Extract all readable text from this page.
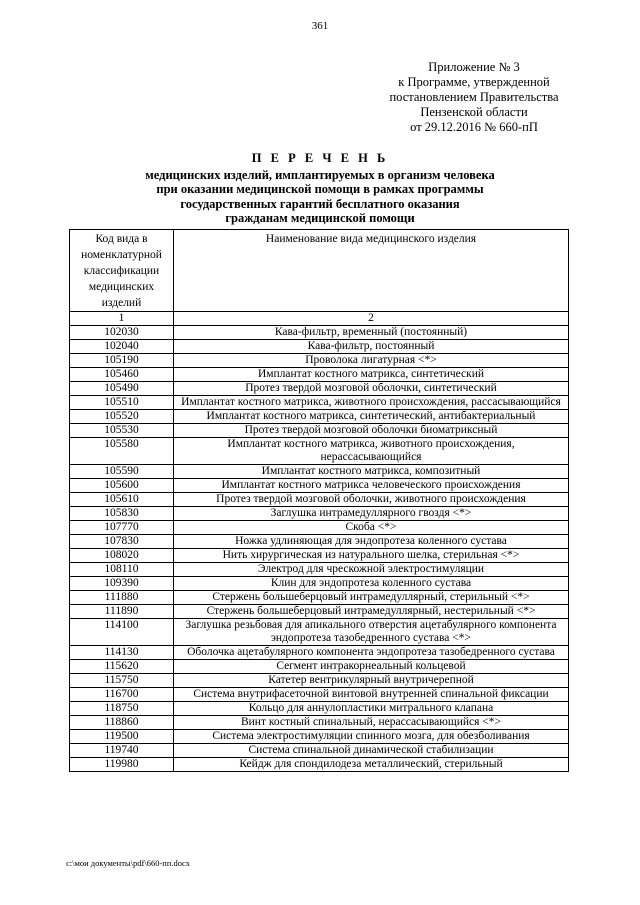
361
Приложение № 3
к Программе, утвержденной
постановлением Правительства
Пензенской области
от 29.12.2016 № 660-пП
П Е Р Е Ч Е Н Ь
медицинских изделий, имплантируемых в организм человека
при оказании медицинской помощи в рамках программы
государственных гарантий бесплатного оказания
гражданам медицинской помощи
Код вида в номенклатурной классификации медицинских изделий	Наименование вида медицинского изделия
1	2
102030	Кава-фильтр, временный (постоянный)
102040	Кава-фильтр, постоянный
105190	Проволока лигатурная <*>
105460	Имплантат костного матрикса, синтетический
105490	Протез твердой мозговой оболочки, синтетический
105510	Имплантат костного матрикса, животного происхождения, рассасывающийся
105520	Имплантат костного матрикса, синтетический, антибактериальный
105530	Протез твердой мозговой оболочки биоматриксный
105580	Имплантат костного матрикса, животного происхождения, нерассасывающийся
105590	Имплантат костного матрикса, композитный
105600	Имплантат костного матрикса человеческого происхождения
105610	Протез твердой мозговой оболочки, животного происхождения
105830	Заглушка интрамедуллярного гвоздя <*>
107770	Скоба <*>
107830	Ножка удлиняющая для эндопротеза коленного сустава
108020	Нить хирургическая из натурального шелка, стерильная <*>
108110	Электрод для чрескожной электростимуляции
109390	Клин для эндопротеза коленного сустава
111880	Стержень большеберцовый интрамедуллярный, стерильный <*>
111890	Стержень большеберцовый интрамедуллярный, нестерильный <*>
114100	Заглушка резьбовая для апикального отверстия ацетабулярного компонента эндопротеза тазобедренного сустава <*>
114130	Оболочка ацетабулярного компонента эндопротеза тазобедренного сустава
115620	Сегмент интракорнеальный кольцевой
115750	Катетер вентрикулярный внутричерепной
116700	Система внутрифасеточной винтовой внутренней спинальной фиксации
118750	Кольцо для аннулопластики митрального клапана
118860	Винт костный спинальный, нерассасывающийся <*>
119500	Система электростимуляции спинного мозга, для обезболивания
119740	Система спинальной динамической стабилизации
119980	Кейдж для спондилодеза металлический, стерильный
c:\мои документы\pdf\660-пп.docx
